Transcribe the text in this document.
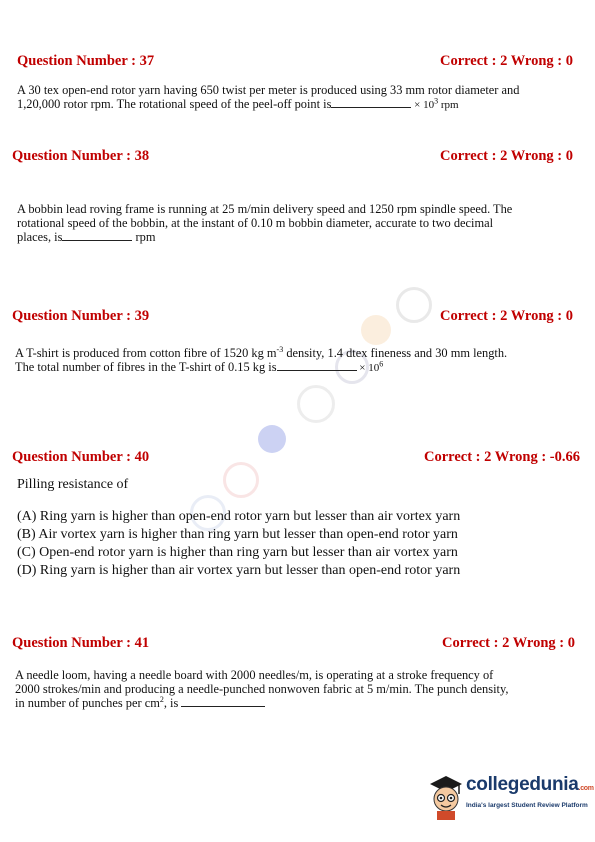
Question Number : 37	Correct : 2 Wrong : 0
A 30 tex open-end rotor yarn having 650 twist per meter is produced using 33 mm rotor diameter and
1,20,000 rotor rpm. The rotational speed of the peel-off point is	× $10^3$ rpm
Question Number : 38	Correct : 2 Wrong : 0
A bobbin lead roving frame is running at 25 m/min delivery speed and 1250 rpm spindle speed. The
rotational speed of the bobbin, at the instant of 0.10 m bobbin diameter, accurate to two decimal
places, is	rpm
Question Number : 39	Correct : 2 Wrong : 0
A T-shirt is produced from cotton fibre of 1520 kg $m^{-3}$ density, 1.4 dtex fineness and 30 mm length.
The total number of fibres in the T-shirt of 0.15 kg is	× $10^6$
Question Number : 40	Correct : 2 Wrong : -0.66
Pilling resistance of
(A) Ring yarn is higher than open-end rotor yarn but lesser than air vortex yarn
(B) Air vortex yarn is higher than ring yarn but lesser than open-end rotor yarn
(C) Open-end rotor yarn is higher than ring yarn but lesser than air vortex yarn
(D) Ring yarn is higher than air vortex yarn but lesser than open-end rotor yarn
Question Number : 41	Correct : 2 Wrong : 0
A needle loom, having a needle board with 2000 needles/m, is operating at a stroke frequency of
2000 strokes/min and producing a needle-punched nonwoven fabric at 5 m/min. The punch density,
in number of punches per $cm^2$, is
collegedunia.com
India's largest Student Review Platform
